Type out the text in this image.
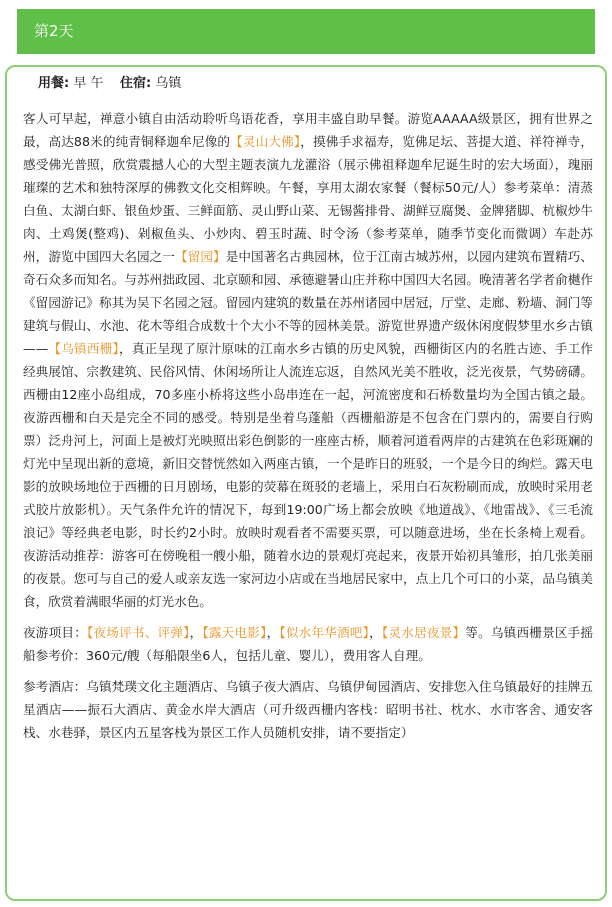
第2天
用餐: 早 午 住宿: 乌镇

客人可早起，禅意小镇自由活动聆听鸟语花香，享用丰盛自助早餐。游览AAAAA级景区，拥有世界之最，高达88米的纯青铜释迦牟尼像的【灵山大佛】，摸佛手求福寿，览佛足坛、菩提大道、祥符禅寺，感受佛光普照，欣赏震撼人心的大型主题表演九龙灌浴（展示佛祖释迦牟尼诞生时的宏大场面），瑰丽璀璨的艺术和独特深厚的佛教文化交相辉映。午餐，享用太湖农家餐（餐标50元/人）参考菜单：清蒸白鱼、太湖白虾、银鱼炒蛋、三鲜面筋、灵山野山菜、无锡酱排骨、湖鲜豆腐煲、金牌猪脚、杭椒炒牛肉、土鸡煲(整鸡)、剁椒鱼头、小炒肉、碧玉时蔬、时令汤（参考菜单，随季节变化而微调）车赴苏州，游览中国四大名园之一【留园】是中国著名古典园林，位于江南古城苏州，以园内建筑布置精巧、奇石众多而知名。与苏州拙政园、北京颐和园、承德避暑山庄并称中国四大名园。晚清著名学者俞樾作《留园游记》称其为吴下名园之冠。留园内建筑的数量在苏州诸园中居冠，厅堂、走廊、粉墙、洞门等建筑与假山、水池、花木等组合成数十个大小不等的园林美景。游览世界遗产级休闲度假梦里水乡古镇——【乌镇西栅】，真正呈现了原汁原味的江南水乡古镇的历史风貌，西栅街区内的名胜古迹、手工作经典展馆、宗教建筑、民俗风情、休闲场所让人流连忘返，自然风光美不胜收，泛光夜景，气势磅礴。西栅由12座小岛组成，70多座小桥将这些小岛串连在一起，河流密度和石桥数量均为全国古镇之最。夜游西栅和白天是完全不同的感受。特别是坐着乌蓬船（西栅船游是不包含在门票内的，需要自行购票）泛舟河上，河面上是被灯光映照出彩色倒影的一座座古桥，顺着河道看两岸的古建筑在色彩斑斓的灯光中呈现出新的意境，新旧交替恍然如入两座古镇，一个是昨日的班驳，一个是今日的绚烂。露天电影的放映场地位于西栅的日月剧场，电影的荧幕在斑驳的老墙上，采用白石灰粉刷而成，放映时采用老式胶片放影机）。天气条件允许的情况下，每到19:00广场上都会放映《地道战》、《地雷战》、《三毛流浪记》等经典老电影，时长约2小时。放映时观看者不需要买票，可以随意进场，坐在长条椅上观看。夜游活动推荐：游客可在傍晚租一艘小船，随着水边的景观灯亮起来，夜景开始初具雏形，拍几张美丽的夜景。您可与自己的爱人或亲友选一家河边小店或在当地居民家中，点上几个可口的小菜，品乌镇美食，欣赏着满眼华丽的灯光水色。

夜游项目：【夜场评书、评弹】，【露天电影】，【似水年华酒吧】，【灵水居夜景】等。乌镇西栅景区手摇船参考价：360元/艘（每船限坐6人，包括儿童、婴儿），费用客人自理。

参考酒店：乌镇梵璞文化主题酒店、乌镇子夜大酒店、乌镇伊甸园酒店、安排您入住乌镇最好的挂牌五星酒店——振石大酒店、黄金水岸大酒店（可升级西栅内客栈：昭明书社、枕水、水市客舍、通安客栈、水巷驿，景区内五星客栈为景区工作人员随机安排，请不要指定）
